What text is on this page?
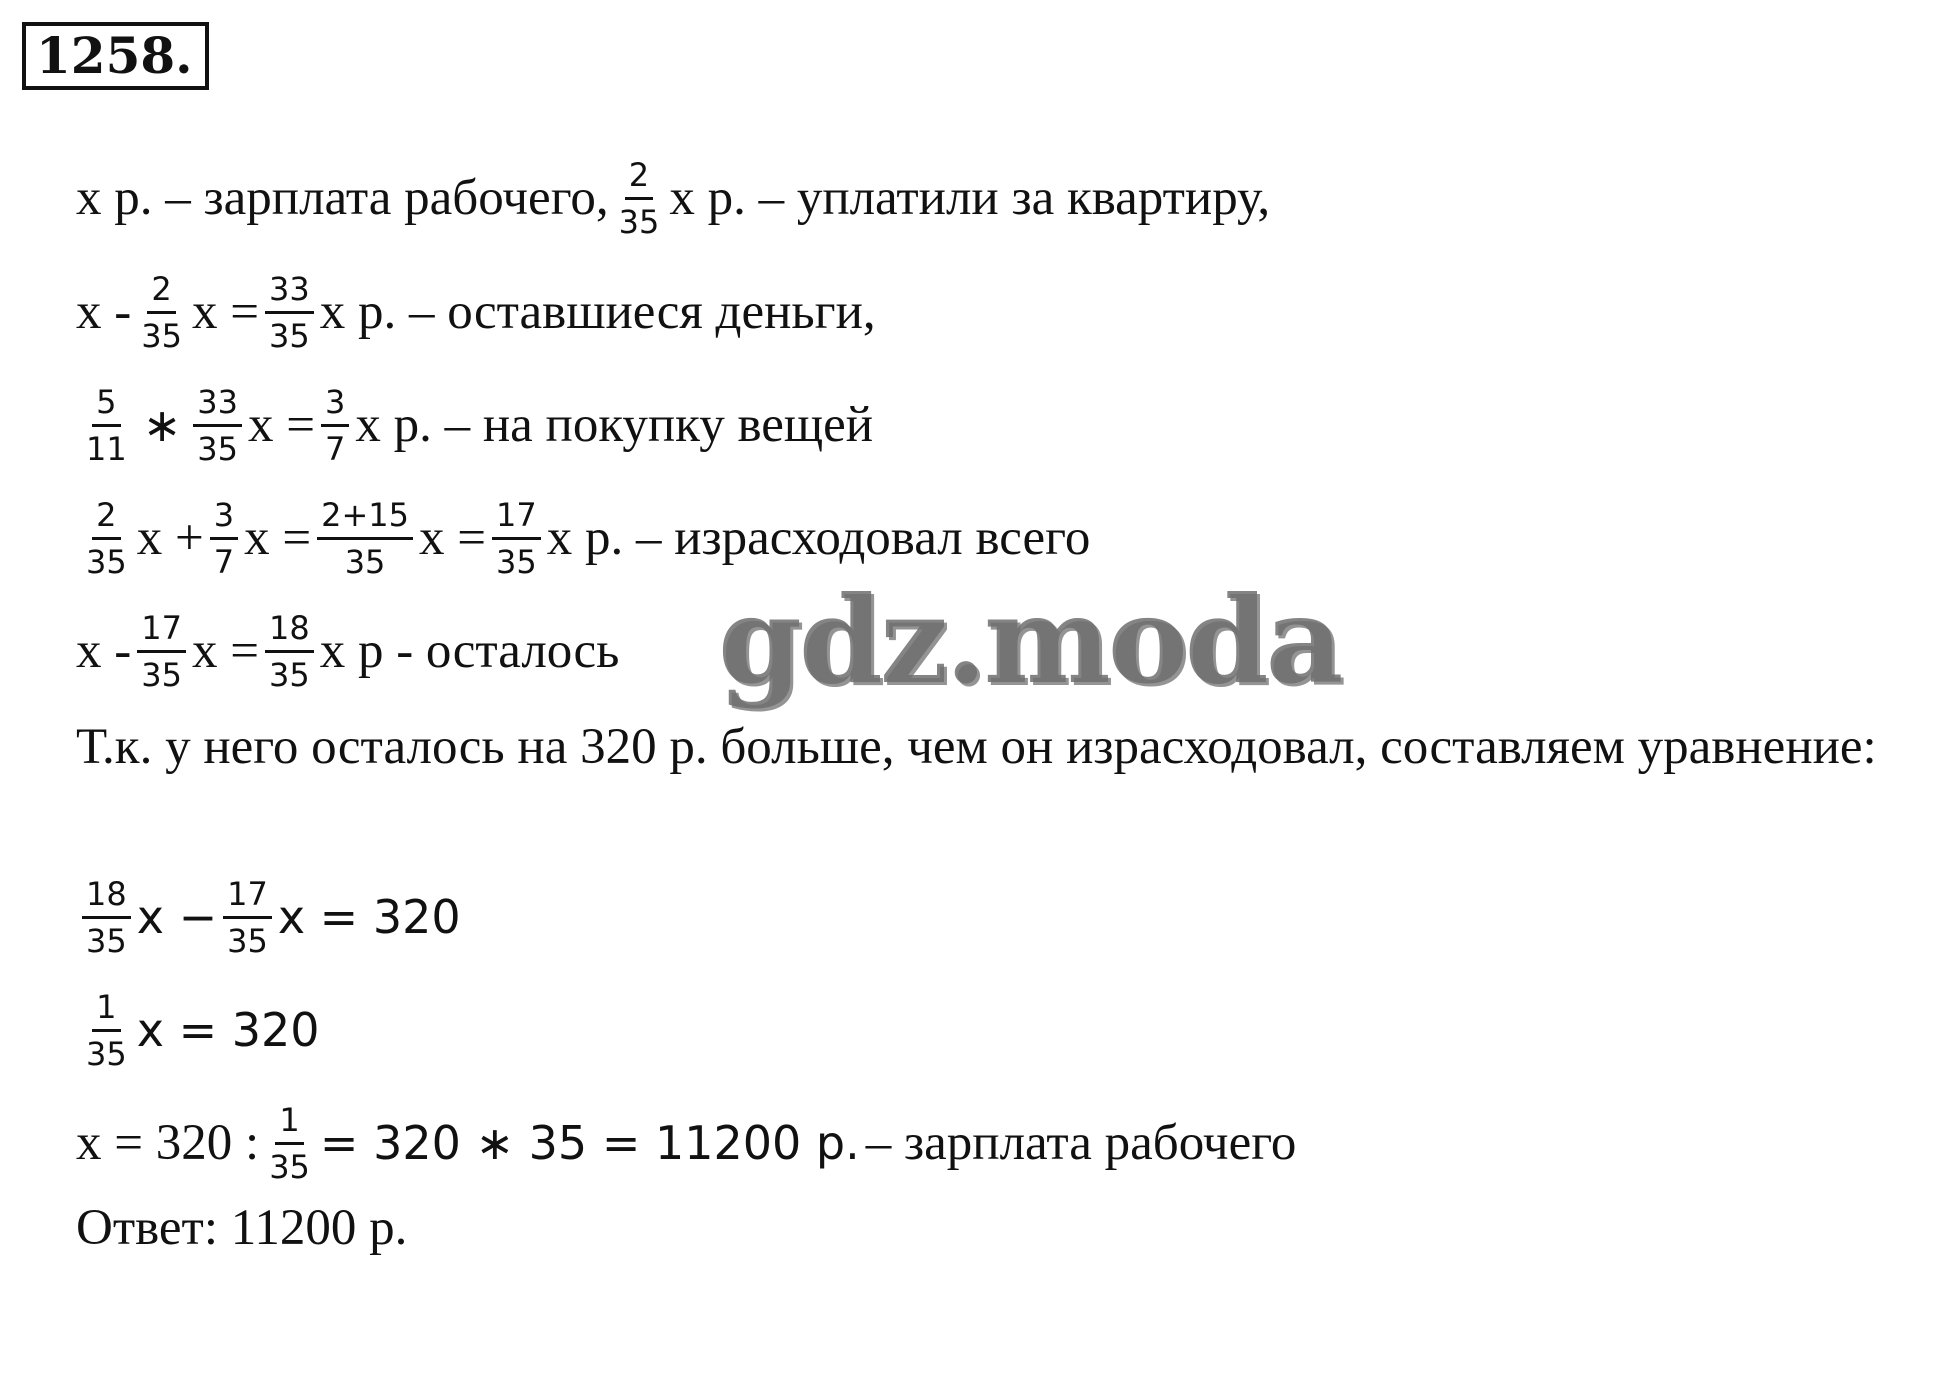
1258.
x р. – зарплата рабочего, $\frac{2}{35}$ x р. – уплатили за квартиру,
x - $\frac{2}{35}$ $x = \frac{33}{35}$ x р. – оставшиеся деньги,
$\frac{5}{11}$ ∗ $\frac{33}{35}$ $x = \frac{3}{7}$ x р. – на покупку вещей
$\frac{2}{35}$ $x + \frac{3}{7}$ $x = \frac{2+15}{35}$ $x = \frac{17}{35}$ x р. – израсходовал всего
x - $\frac{17}{35}$ $x = \frac{18}{35}$ x р - осталось
Т.к. у него осталось на 320 р. больше, чем он израсходовал, составляем уравнение:
$\frac{18}{35}$ $x - \frac{17}{35}$ x = 320
$\frac{1}{35}$ x = 320
x = 320 : $\frac{1}{35} = 320$ ∗ 35 = 11200 р. – зарплата рабочего
Ответ: 11200 р.
gdz.moda
